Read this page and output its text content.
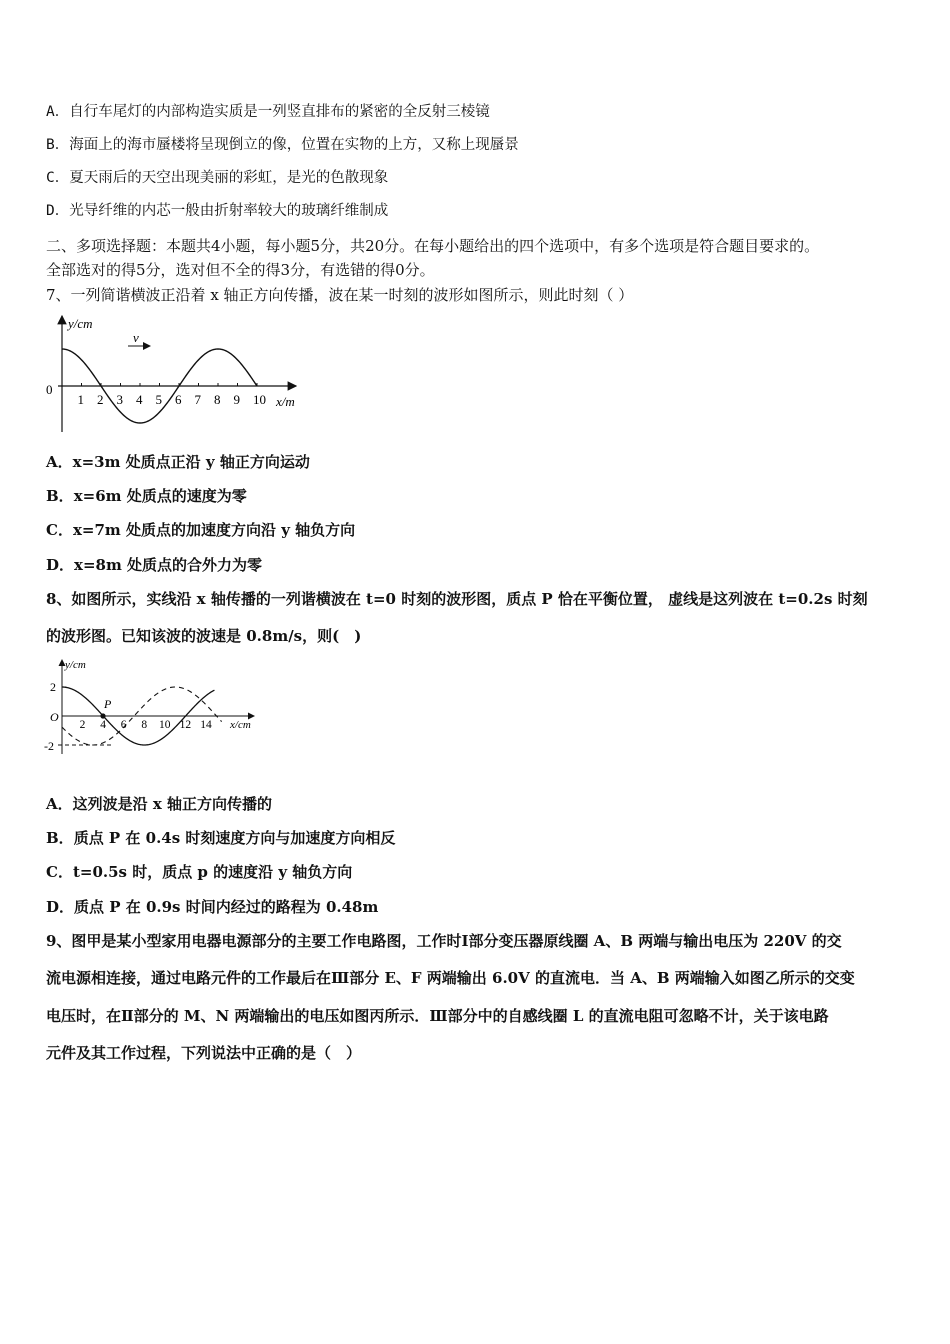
A．自行车尾灯的内部构造实质是一列竖直排布的紧密的全反射三棱镜
B．海面上的海市蜃楼将呈现倒立的像，位置在实物的上方，又称上现蜃景
C．夏天雨后的天空出现美丽的彩虹，是光的色散现象
D．光导纤维的内芯一般由折射率较大的玻璃纤维制成
二、多项选择题：本题共4小题，每小题5分，共20分。在每小题给出的四个选项中，有多个选项是符合题目要求的。
全部选对的得5分，选对但不全的得3分，有选错的得0分。
7、一列简谐横波正沿着 x 轴正方向传播，波在某一时刻的波形如图所示，则此时刻（ ）
y/cm
0
x/m
v
1 2 3 4 5 6 7 8 9 10
A．x=3m 处质点正沿 y 轴正方向运动
B．x=6m 处质点的速度为零
C．x=7m 处质点的加速度方向沿 y 轴负方向
D．x=8m 处质点的合外力为零
8、如图所示，实线沿 x 轴传播的一列谐横波在 t=0 时刻的波形图，质点 P 恰在平衡位置， 虚线是这列波在 t=0.2s 时刻
的波形图。已知该波的波速是 0.8m/s，则(　)
y/cm
x/cm
O
2
-2
P
2 4 6 8 10 12 14
A．这列波是沿 x 轴正方向传播的
B．质点 P 在 0.4s 时刻速度方向与加速度方向相反
C．t=0.5s 时，质点 p 的速度沿 y 轴负方向
D．质点 P 在 0.9s 时间内经过的路程为 0.48m
9、图甲是某小型家用电器电源部分的主要工作电路图，工作时Ⅰ部分变压器原线圈 A、B 两端与输出电压为 220V 的交
流电源相连接，通过电路元件的工作最后在Ⅲ部分 E、F 两端输出 6.0V 的直流电．当 A、B 两端输入如图乙所示的交变
电压时，在Ⅱ部分的 M、N 两端输出的电压如图丙所示．Ⅲ部分中的自感线圈 L 的直流电阻可忽略不计，关于该电路
元件及其工作过程，下列说法中正确的是（　）
